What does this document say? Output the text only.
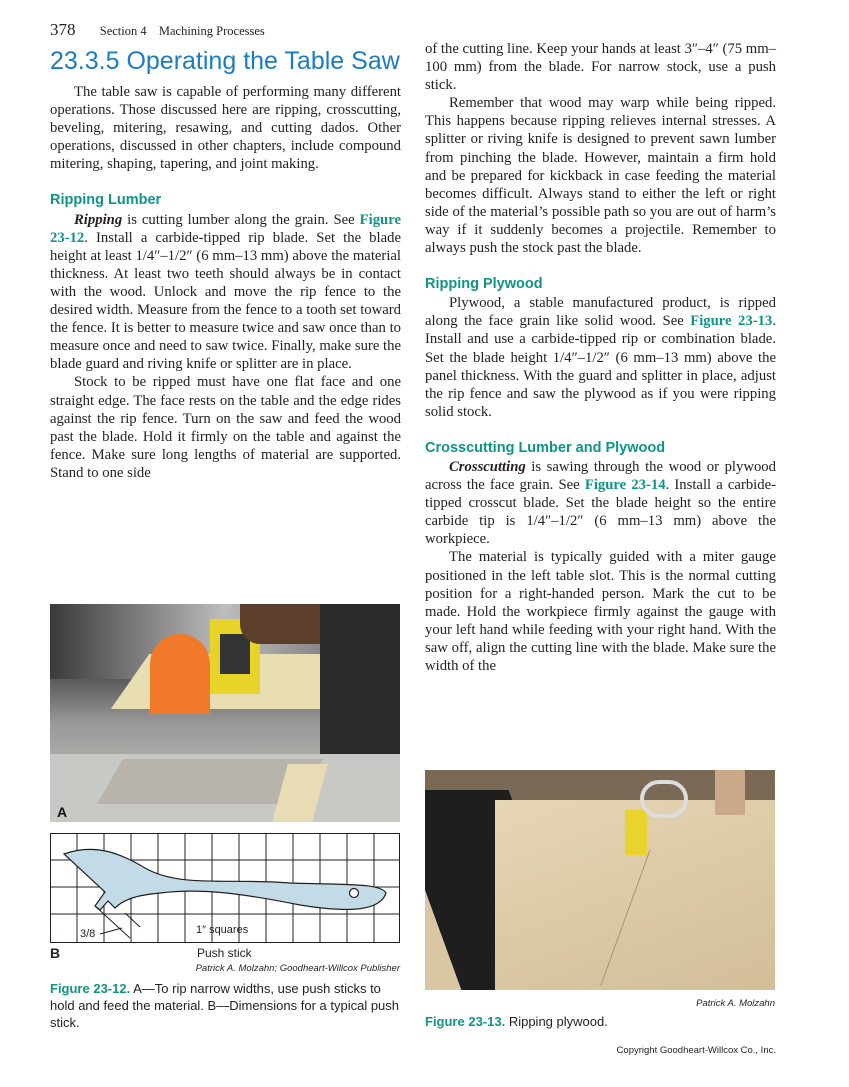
378 Section 4 Machining Processes
23.3.5 Operating the Table Saw

The table saw is capable of performing many different operations. Those discussed here are ripping, crosscutting, beveling, mitering, resawing, and cutting dados. Other operations, discussed in other chapters, include compound mitering, shaping, tapering, and joint making.

Ripping Lumber

Ripping is cutting lumber along the grain. See Figure 23-12. Install a carbide-tipped rip blade. Set the blade height at least 1/4″–1/2″ (6 mm–13 mm) above the material thickness. At least two teeth should always be in contact with the wood. Unlock and move the rip fence to the desired width. Measure from the fence to a tooth set toward the fence. It is better to measure twice and saw once than to measure once and need to saw twice. Finally, make sure the blade guard and riving knife or splitter are in place.

Stock to be ripped must have one flat face and one straight edge. The face rests on the table and the edge rides against the rip fence. Turn on the saw and feed the wood past the blade. Hold it firmly on the table and against the fence. Make sure long lengths of material are supported. Stand to one side

A
3/8	1″ squares
B	Push stick
Patrick A. Molzahn; Goodheart-Willcox Publisher
Figure 23-12. A—To rip narrow widths, use push sticks to hold and feed the material. B—Dimensions for a typical push stick.

of the cutting line. Keep your hands at least 3″–4″ (75 mm–100 mm) from the blade. For narrow stock, use a push stick.

Remember that wood may warp while being ripped. This happens because ripping relieves internal stresses. A splitter or riving knife is designed to prevent sawn lumber from pinching the blade. However, maintain a firm hold and be prepared for kickback in case feeding the material becomes difficult. Always stand to either the left or right side of the material’s possible path so you are out of harm’s way if it suddenly becomes a projectile. Remember to always push the stock past the blade.

Ripping Plywood

Plywood, a stable manufactured product, is ripped along the face grain like solid wood. See Figure 23-13. Install and use a carbide-tipped rip or combination blade. Set the blade height 1/4″–1/2″ (6 mm–13 mm) above the panel thickness. With the guard and splitter in place, adjust the rip fence and saw the plywood as if you were ripping solid stock.

Crosscutting Lumber and Plywood

Crosscutting is sawing through the wood or plywood across the face grain. See Figure 23-14. Install a carbide-tipped crosscut blade. Set the blade height so the entire carbide tip is 1/4″–1/2″ (6 mm–13 mm) above the workpiece.

The material is typically guided with a miter gauge positioned in the left table slot. This is the normal cutting position for a right-handed person. Mark the cut to be made. Hold the workpiece firmly against the gauge with your left hand while feeding with your right hand. With the saw off, align the cutting line with the blade. Make sure the width of the

Patrick A. Molzahn
Figure 23-13. Ripping plywood.
Copyright Goodheart-Willcox Co., Inc.
